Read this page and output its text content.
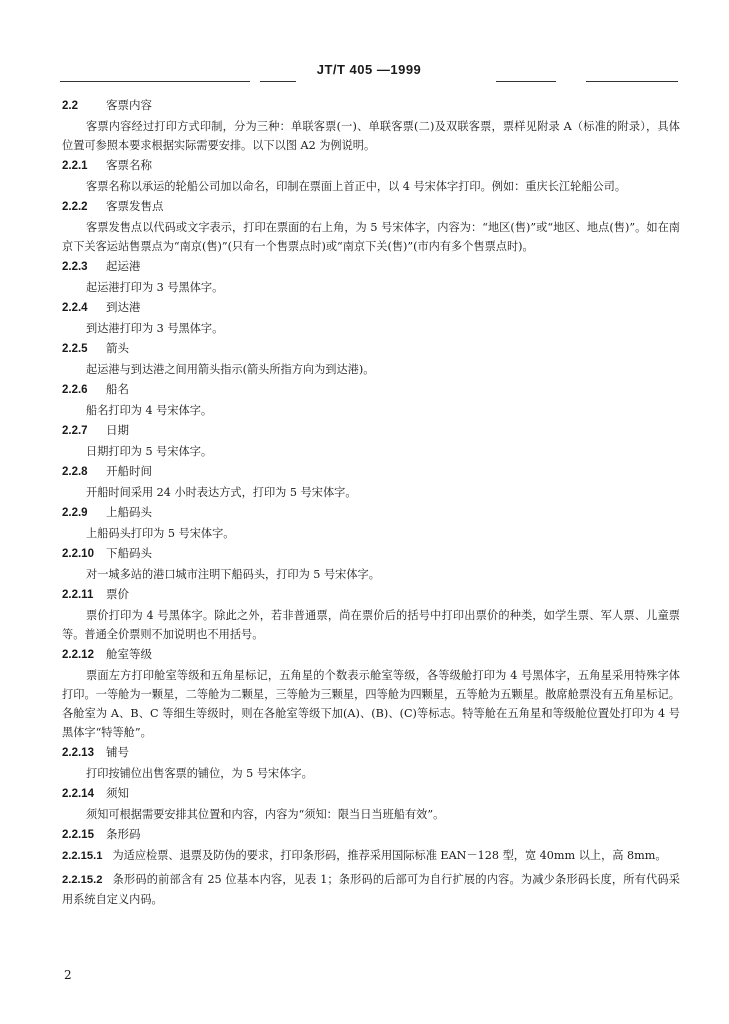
JT/T 405 —1999
2.2 客票内容
客票内容经过打印方式印制，分为三种：单联客票(一)、单联客票(二)及双联客票，票样见附录 A（标准的附录），具体位置可参照本要求根据实际需要安排。以下以图 A2 为例说明。
2.2.1 客票名称
客票名称以承运的轮船公司加以命名，印制在票面上首正中，以 4 号宋体字打印。例如：重庆长江轮船公司。
2.2.2 客票发售点
客票发售点以代码或文字表示，打印在票面的右上角，为 5 号宋体字，内容为：“地区(售)”或“地区、地点(售)”。如在南京下关客运站售票点为“南京(售)”(只有一个售票点时)或“南京下关(售)”(市内有多个售票点时)。
2.2.3 起运港
起运港打印为 3 号黑体字。
2.2.4 到达港
到达港打印为 3 号黑体字。
2.2.5 箭头
起运港与到达港之间用箭头指示(箭头所指方向为到达港)。
2.2.6 船名
船名打印为 4 号宋体字。
2.2.7 日期
日期打印为 5 号宋体字。
2.2.8 开船时间
开船时间采用 24 小时表达方式，打印为 5 号宋体字。
2.2.9 上船码头
上船码头打印为 5 号宋体字。
2.2.10 下船码头
对一城多站的港口城市注明下船码头，打印为 5 号宋体字。
2.2.11 票价
票价打印为 4 号黑体字。除此之外，若非普通票，尚在票价后的括号中打印出票价的种类，如学生票、军人票、儿童票等。普通全价票则不加说明也不用括号。
2.2.12 舱室等级
票面左方打印舱室等级和五角星标记，五角星的个数表示舱室等级，各等级舱打印为 4 号黑体字，五角星采用特殊字体打印。一等舱为一颗星，二等舱为二颗星，三等舱为三颗星，四等舱为四颗星，五等舱为五颗星。散席舱票没有五角星标记。各舱室为 A、B、C 等细生等级时，则在各舱室等级下加(A)、(B)、(C)等标志。特等舱在五角星和等级舱位置处打印为 4 号黑体字“特等舱”。
2.2.13 铺号
打印按铺位出售客票的铺位，为 5 号宋体字。
2.2.14 须知
须知可根据需要安排其位置和内容，内容为“须知：限当日当班船有效”。
2.2.15 条形码
2.2.15.1 为适应检票、退票及防伪的要求，打印条形码，推荐采用国际标准 EAN－128 型，宽 40mm 以上，高 8mm。
2.2.15.2 条形码的前部含有 25 位基本内容，见表 1；条形码的后部可为自行扩展的内容。为减少条形码长度，所有代码采用系统自定义内码。
2
